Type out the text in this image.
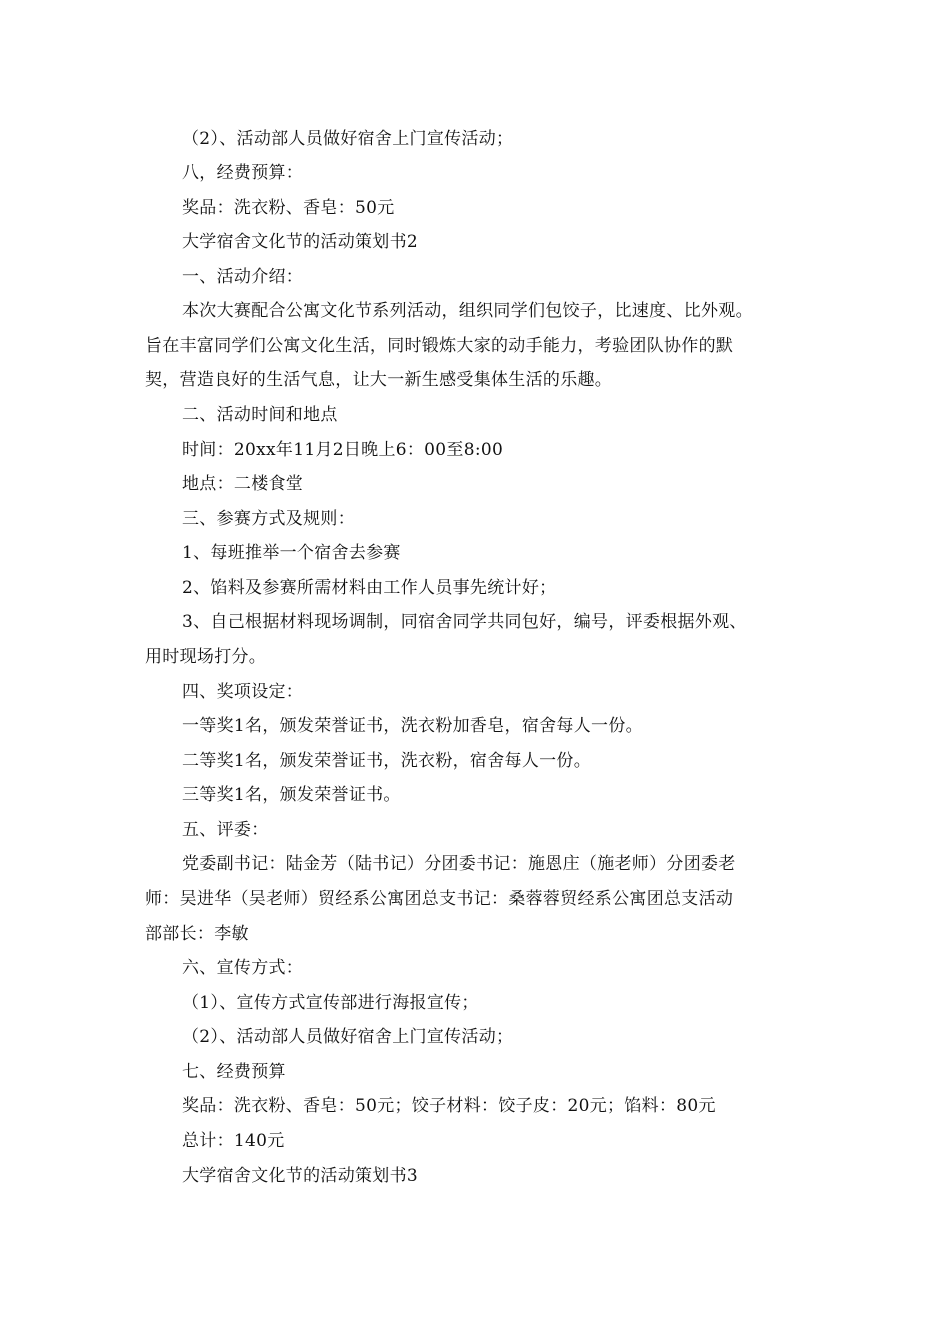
（2）、活动部人员做好宿舍上门宣传活动；
八，经费预算：
奖品：洗衣粉、香皂：50元
大学宿舍文化节的活动策划书2
一、活动介绍：
本次大赛配合公寓文化节系列活动，组织同学们包饺子，比速度、比外观。
旨在丰富同学们公寓文化生活，同时锻炼大家的动手能力，考验团队协作的默
契，营造良好的生活气息，让大一新生感受集体生活的乐趣。
二、活动时间和地点
时间：20xx年11月2日晚上6：00至8:00
地点：二楼食堂
三、参赛方式及规则：
1、每班推举一个宿舍去参赛
2、馅料及参赛所需材料由工作人员事先统计好；
3、自己根据材料现场调制，同宿舍同学共同包好，编号，评委根据外观、
用时现场打分。
四、奖项设定：
一等奖1名，颁发荣誉证书，洗衣粉加香皂，宿舍每人一份。
二等奖1名，颁发荣誉证书，洗衣粉，宿舍每人一份。
三等奖1名，颁发荣誉证书。
五、评委：
党委副书记：陆金芳（陆书记）分团委书记：施恩庄（施老师）分团委老
师：吴进华（吴老师）贸经系公寓团总支书记：桑蓉蓉贸经系公寓团总支活动
部部长：李敏
六、宣传方式：
（1）、宣传方式宣传部进行海报宣传；
（2）、活动部人员做好宿舍上门宣传活动；
七、经费预算
奖品：洗衣粉、香皂：50元；饺子材料：饺子皮：20元；馅料：80元
总计：140元
大学宿舍文化节的活动策划书3
